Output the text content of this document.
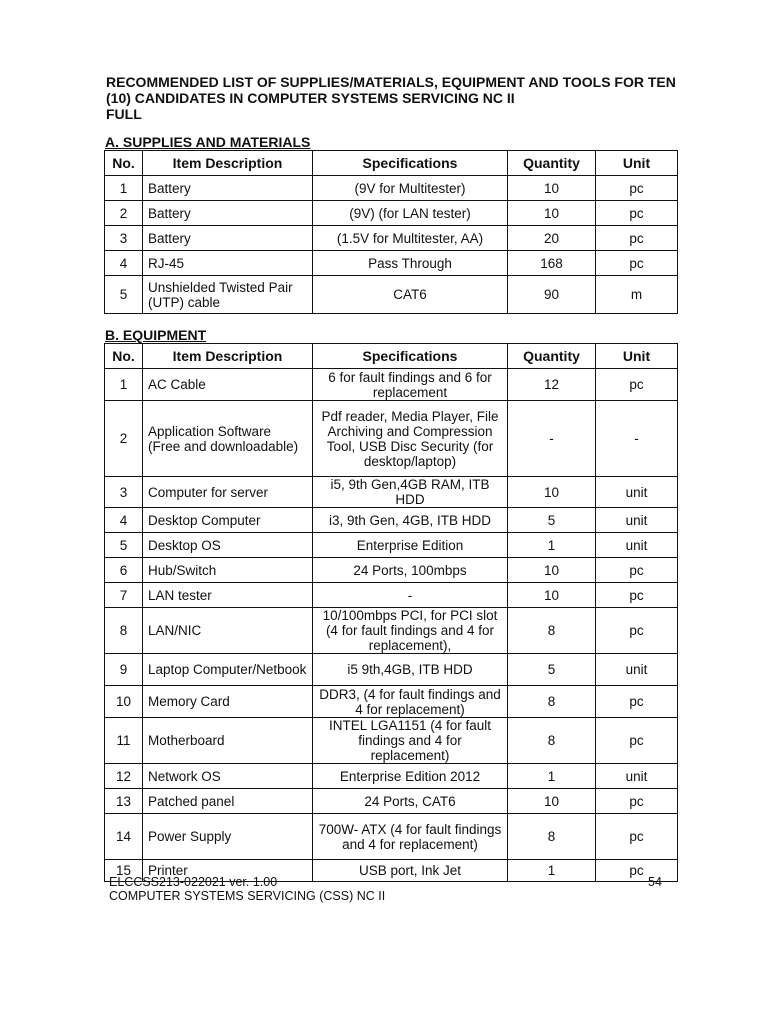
RECOMMENDED LIST OF SUPPLIES/MATERIALS, EQUIPMENT AND TOOLS FOR TEN
(10) CANDIDATES IN COMPUTER SYSTEMS SERVICING NC II
FULL
A. SUPPLIES AND MATERIALS
No.	Item Description	Specifications	Quantity	Unit
1	Battery	(9V for Multitester)	10	pc
2	Battery	(9V) (for LAN tester)	10	pc
3	Battery	(1.5V for Multitester, AA)	20	pc
4	RJ-45	Pass Through	168	pc
5	Unshielded Twisted Pair (UTP) cable	CAT6	90	m
B. EQUIPMENT
No.	Item Description	Specifications	Quantity	Unit
1	AC Cable	6 for fault findings and 6 for replacement	12	pc
2	Application Software (Free and downloadable)	Pdf reader, Media Player, File Archiving and Compression Tool, USB Disc Security (for desktop/laptop)	-	-
3	Computer for server	i5, 9th Gen,4GB RAM, ITB HDD	10	unit
4	Desktop Computer	i3, 9th Gen, 4GB, ITB HDD	5	unit
5	Desktop OS	Enterprise Edition	1	unit
6	Hub/Switch	24 Ports, 100mbps	10	pc
7	LAN tester	-	10	pc
8	LAN/NIC	10/100mbps PCI, for PCI slot (4 for fault findings and 4 for replacement),	8	pc
9	Laptop Computer/Netbook	i5 9th,4GB, ITB HDD	5	unit
10	Memory Card	DDR3, (4 for fault findings and 4 for replacement)	8	pc
11	Motherboard	INTEL LGA1151 (4 for fault findings and 4 for replacement)	8	pc
12	Network OS	Enterprise Edition 2012	1	unit
13	Patched panel	24 Ports, CAT6	10	pc
14	Power Supply	700W- ATX (4 for fault findings and 4 for replacement)	8	pc
15	Printer	USB port, Ink Jet	1	pc
ELCCSS213-022021 ver. 1.00
COMPUTER SYSTEMS SERVICING (CSS) NC II
54
